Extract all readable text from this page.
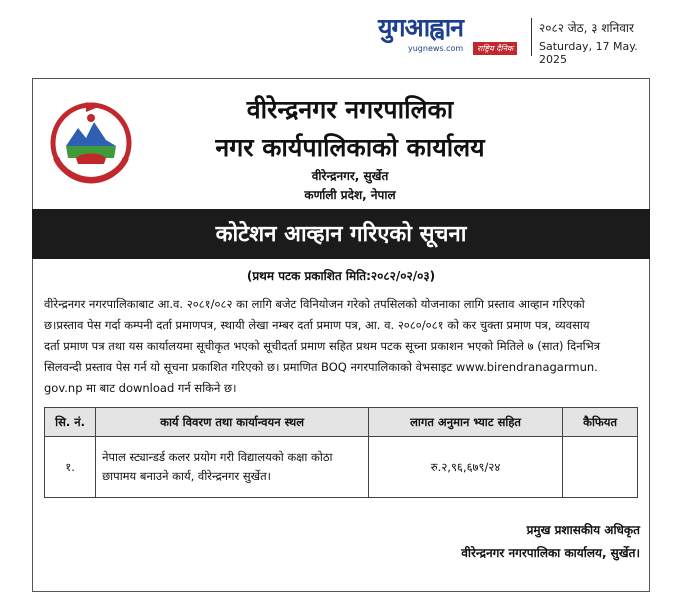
युगआह्वान
yugnews.com	राष्ट्रिय दैनिक
२०८२ जेठ, ३ शनिवार
Saturday, 17 May. 2025
वीरेन्द्रनगर नगरपालिका
नगर कार्यपालिकाको कार्यालय
वीरेन्द्रनगर, सुर्खेत
कर्णाली प्रदेश, नेपाल
कोटेशन आव्हान गरिएको सूचना
(प्रथम पटक प्रकाशित मिति:२०८२/०२/०३)
वीरेन्द्रनगर नगरपालिकाबाट आ.व. २०८१/०८२ का लागि बजेट विनियोजन गरेको तपसिलको योजनाका लागि प्रस्ताव आव्हान गरिएको
छ।प्रस्ताव पेस गर्दा कम्पनी दर्ता प्रमाणपत्र, स्थायी लेखा नम्बर दर्ता प्रमाण पत्र, आ. व. २०८०/०८१ को कर चुक्ता प्रमाण पत्र, व्यवसाय
दर्ता प्रमाण पत्र तथा यस कार्यालयमा सूचीकृत भएको सूचीदर्ता प्रमाण सहित प्रथम पटक सूच्ना प्रकाशन भएको मितिले ७ (सात) दिनभित्र
सिलवन्दी प्रस्ताव पेस गर्न यो सूचना प्रकाशित गरिएको छ। प्रमाणित BOQ नगरपालिकाको वेभसाइट www.birendranagarmun.
gov.np मा बाट download गर्न सकिने छ।
सि. नं.	कार्य विवरण तथा कार्यान्वयन स्थल	लागत अनुमान भ्याट सहित	कैफियत
१.	नेपाल स्ट्यान्डर्ड कलर प्रयोग गरी विद्यालयको कक्षा कोठा छापामय बनाउने कार्य, वीरेन्द्रनगर सुर्खेत।	रु.२,९६,६७९/२४	
प्रमुख प्रशासकीय अधिकृत
वीरेन्द्रनगर नगरपालिका कार्यालय, सुर्खेत।
